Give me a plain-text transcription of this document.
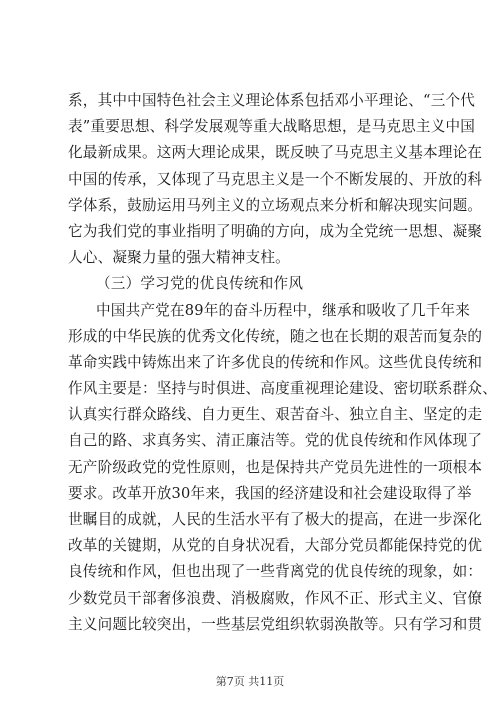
系，其中中国特色社会主义理论体系包括邓小平理论、“三个代
表”重要思想、科学发展观等重大战略思想，是马克思主义中国
化最新成果。这两大理论成果，既反映了马克思主义基本理论在
中国的传承，又体现了马克思主义是一个不断发展的、开放的科
学体系，鼓励运用马列主义的立场观点来分析和解决现实问题。
它为我们党的事业指明了明确的方向，成为全党统一思想、凝聚
人心、凝聚力量的强大精神支柱。
（三）学习党的优良传统和作风
中国共产党在89年的奋斗历程中，继承和吸收了几千年来
形成的中华民族的优秀文化传统，随之也在长期的艰苦而复杂的
革命实践中铸炼出来了许多优良的传统和作风。这些优良传统和
作风主要是：坚持与时俱进、高度重视理论建设、密切联系群众、
认真实行群众路线、自力更生、艰苦奋斗、独立自主、坚定的走
自己的路、求真务实、清正廉洁等。党的优良传统和作风体现了
无产阶级政党的党性原则，也是保持共产党员先进性的一项根本
要求。改革开放30年来，我国的经济建设和社会建设取得了举
世瞩目的成就，人民的生活水平有了极大的提高，在进一步深化
改革的关键期，从党的自身状况看，大部分党员都能保持党的优
良传统和作风，但也出现了一些背离党的优良传统的现象，如：
少数党员干部奢侈浪费、消极腐败，作风不正、形式主义、官僚
主义问题比较突出，一些基层党组织软弱涣散等。只有学习和贯
第7页 共11页
